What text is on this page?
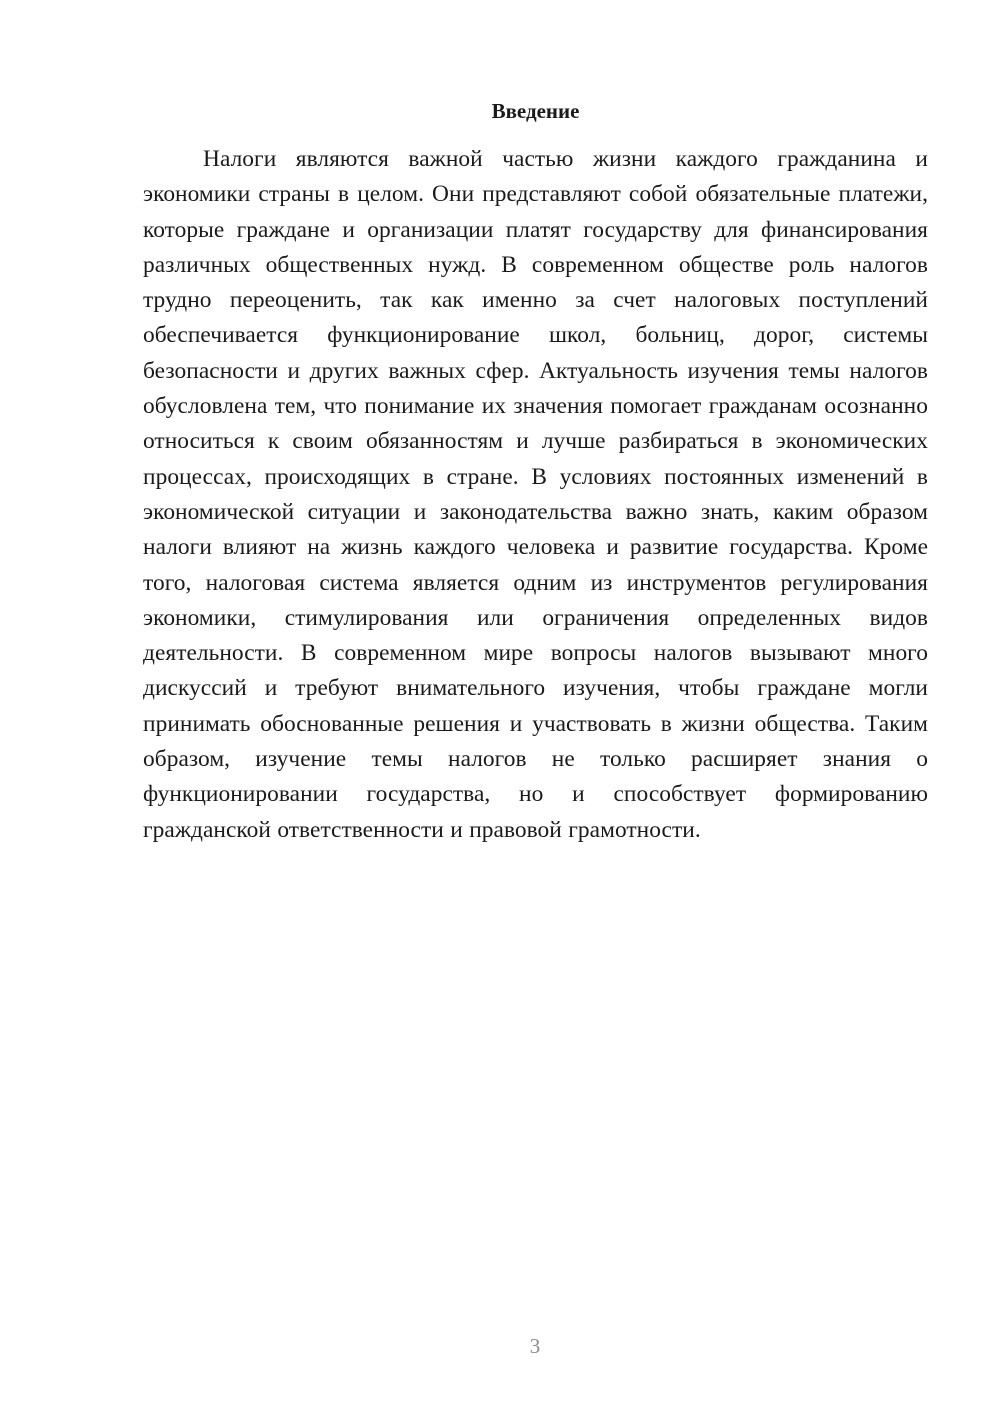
Введение

Налоги являются важной частью жизни каждого гражданина и экономики страны в целом. Они представляют собой обязательные платежи, которые граждане и организации платят государству для финансирования различных общественных нужд. В современном обществе роль налогов трудно переоценить, так как именно за счет налоговых поступлений обеспечивается функционирование школ, больниц, дорог, системы безопасности и других важных сфер. Актуальность изучения темы налогов обусловлена тем, что понимание их значения помогает гражданам осознанно относиться к своим обязанностям и лучше разбираться в экономических процессах, происходящих в стране. В условиях постоянных изменений в экономической ситуации и законодательства важно знать, каким образом налоги влияют на жизнь каждого человека и развитие государства. Кроме того, налоговая система является одним из инструментов регулирования экономики, стимулирования или ограничения определенных видов деятельности. В современном мире вопросы налогов вызывают много дискуссий и требуют внимательного изучения, чтобы граждане могли принимать обоснованные решения и участвовать в жизни общества. Таким образом, изучение темы налогов не только расширяет знания о функционировании государства, но и способствует формированию гражданской ответственности и правовой грамотности.

3
